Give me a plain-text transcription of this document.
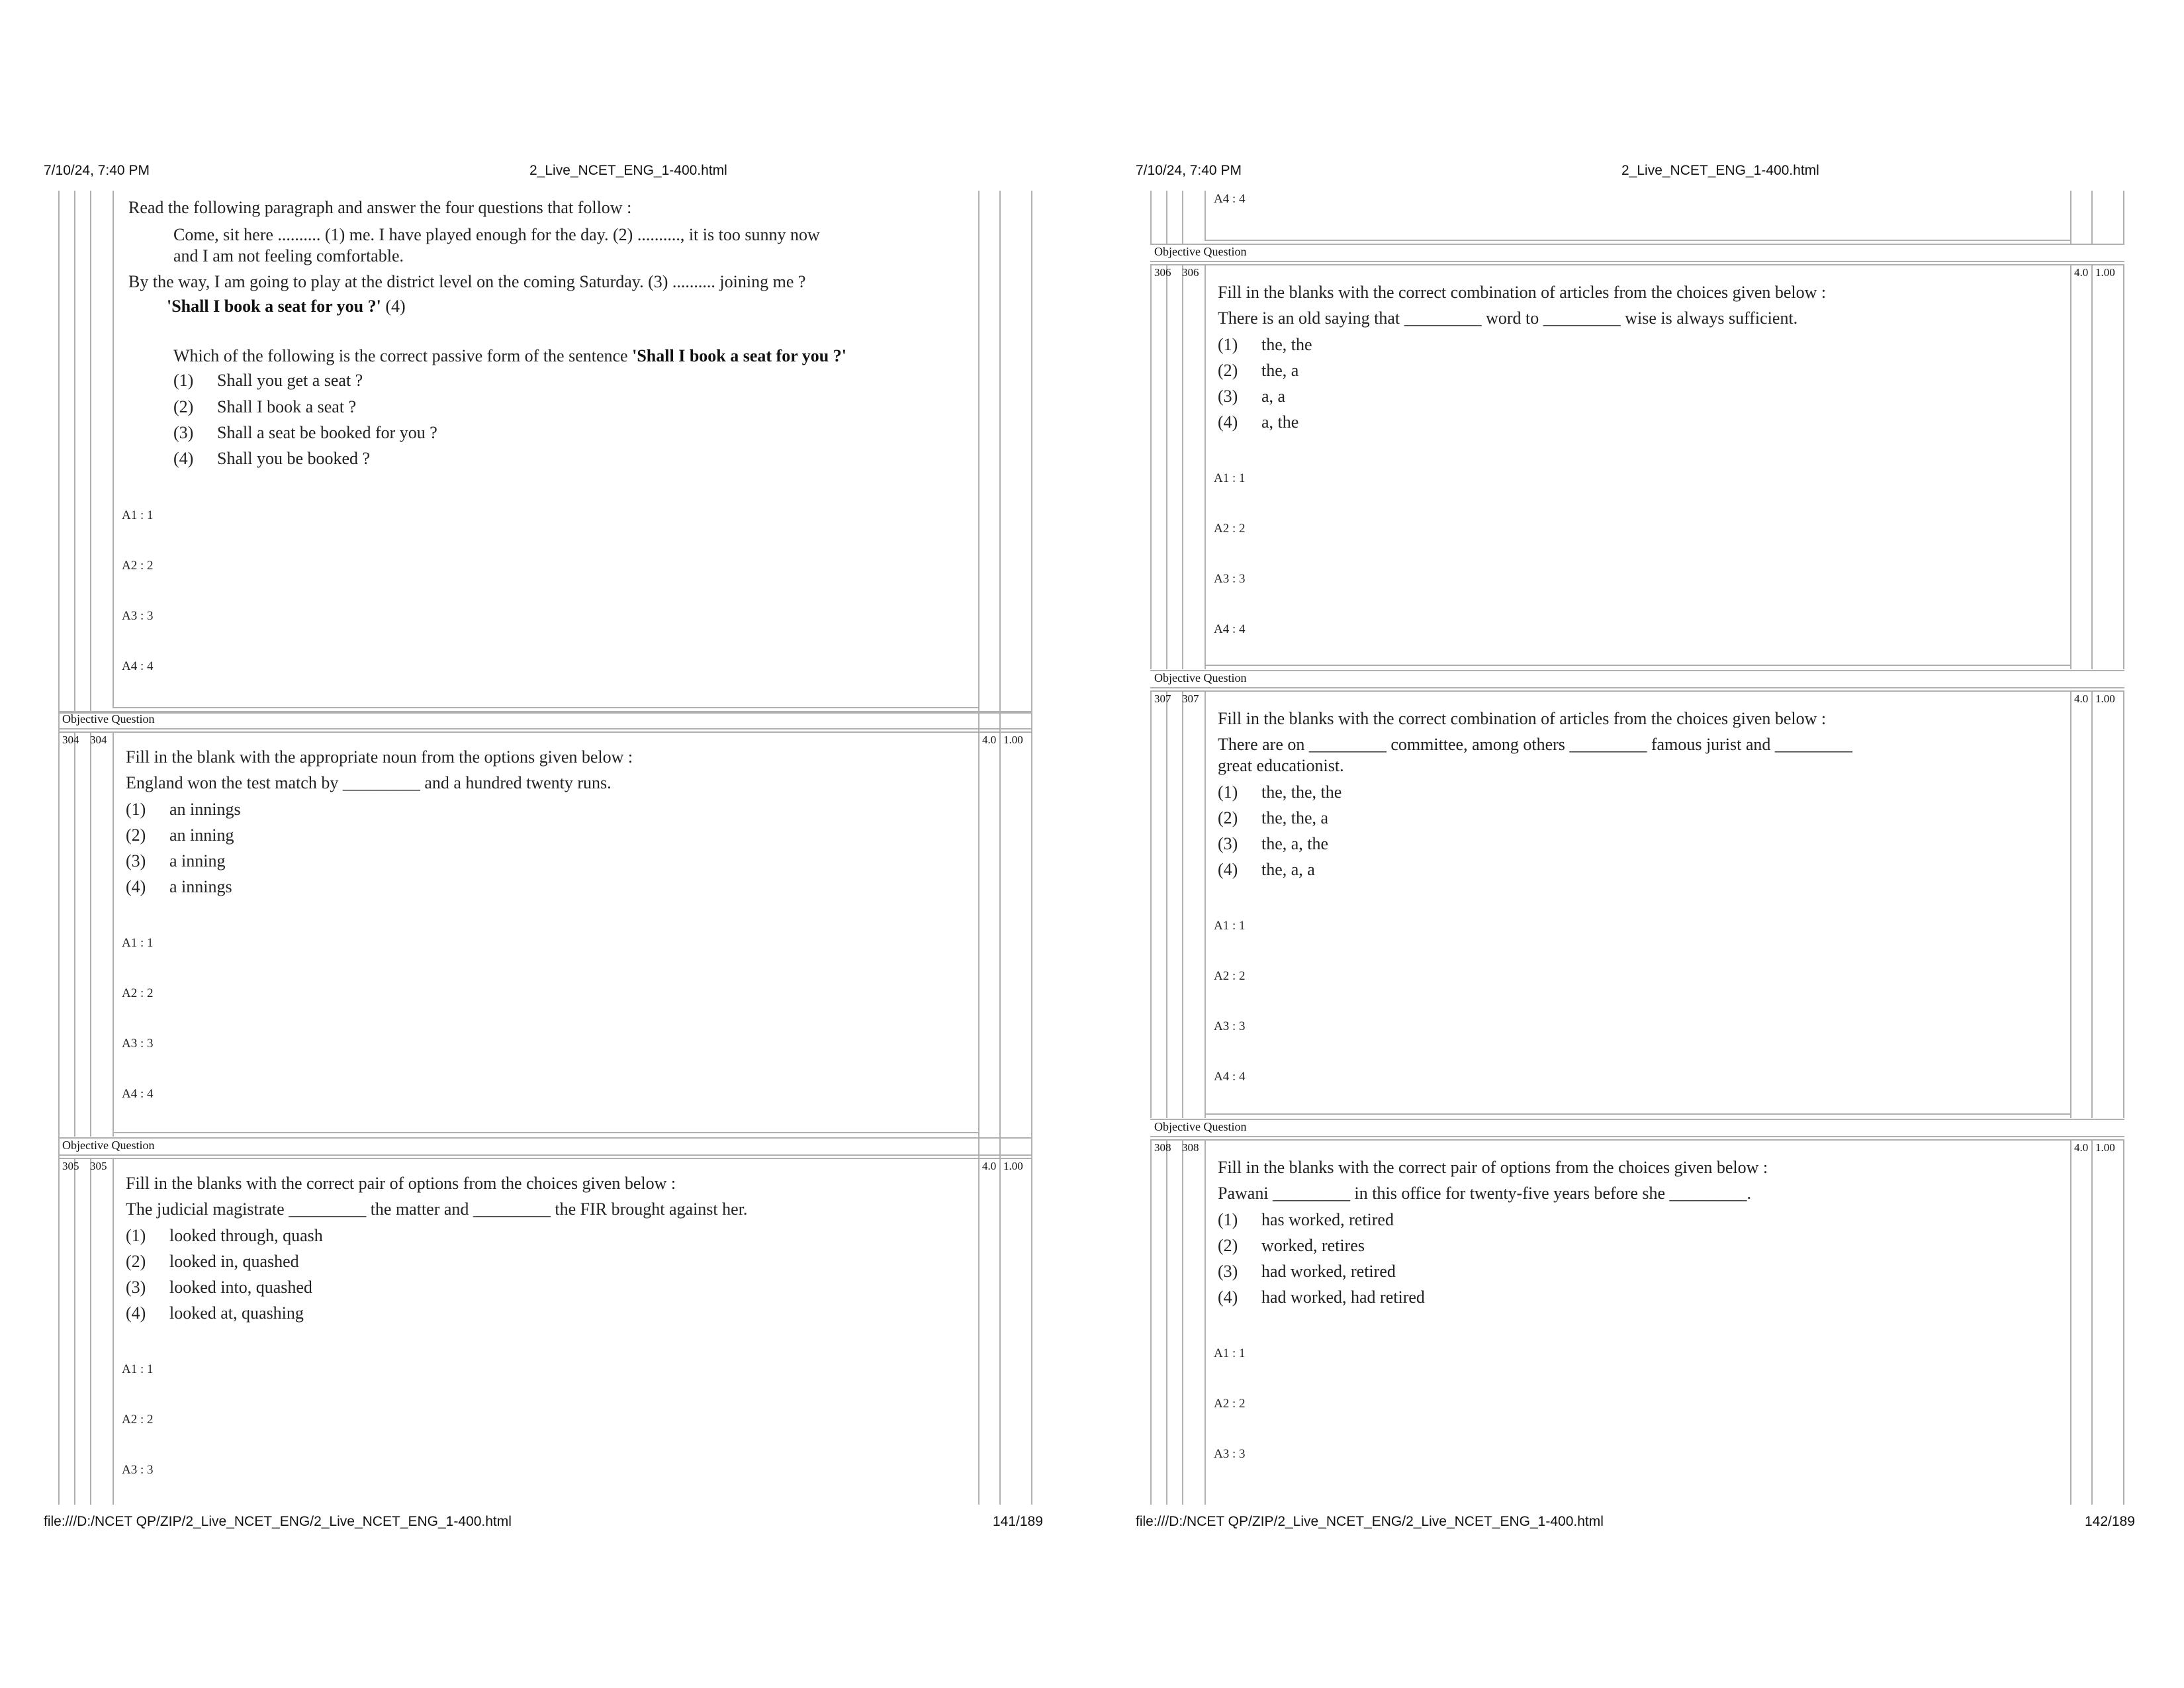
7/10/24, 7:40 PM	2_Live_NCET_ENG_1-400.html
Read the following paragraph and answer the four questions that follow :
Come, sit here .......... (1) me. I have played enough for the day. (2) .........., it is too sunny now
and I am not feeling comfortable.
By the way, I am going to play at the district level on the coming Saturday. (3) .......... joining me ?
'Shall I book a seat for you ?' (4)
Which of the following is the correct passive form of the sentence 'Shall I book a seat for you ?'
(1) Shall you get a seat ?
(2) Shall I book a seat ?
(3) Shall a seat be booked for you ?
(4) Shall you be booked ?
A1 : 1
A2 : 2
A3 : 3
A4 : 4
Objective Question
304 304	4.0 1.00
Fill in the blank with the appropriate noun from the options given below :
England won the test match by _________ and a hundred twenty runs.
(1) an innings
(2) an inning
(3) a inning
(4) a innings
A1 : 1
A2 : 2
A3 : 3
A4 : 4
Objective Question
305 305	4.0 1.00
Fill in the blanks with the correct pair of options from the choices given below :
The judicial magistrate _________ the matter and _________ the FIR brought against her.
(1) looked through, quash
(2) looked in, quashed
(3) looked into, quashed
(4) looked at, quashing
A1 : 1
A2 : 2
A3 : 3
file:///D:/NCET QP/ZIP/2_Live_NCET_ENG/2_Live_NCET_ENG_1-400.html	141/189
7/10/24, 7:40 PM	2_Live_NCET_ENG_1-400.html
A4 : 4
Objective Question
306 306	4.0 1.00
Fill in the blanks with the correct combination of articles from the choices given below :
There is an old saying that _________ word to _________ wise is always sufficient.
(1) the, the
(2) the, a
(3) a, a
(4) a, the
A1 : 1
A2 : 2
A3 : 3
A4 : 4
Objective Question
307 307	4.0 1.00
Fill in the blanks with the correct combination of articles from the choices given below :
There are on _________ committee, among others _________ famous jurist and _________
great educationist.
(1) the, the, the
(2) the, the, a
(3) the, a, the
(4) the, a, a
A1 : 1
A2 : 2
A3 : 3
A4 : 4
Objective Question
308 308	4.0 1.00
Fill in the blanks with the correct pair of options from the choices given below :
Pawani _________ in this office for twenty-five years before she _________.
(1) has worked, retired
(2) worked, retires
(3) had worked, retired
(4) had worked, had retired
A1 : 1
A2 : 2
A3 : 3
file:///D:/NCET QP/ZIP/2_Live_NCET_ENG/2_Live_NCET_ENG_1-400.html	142/189
